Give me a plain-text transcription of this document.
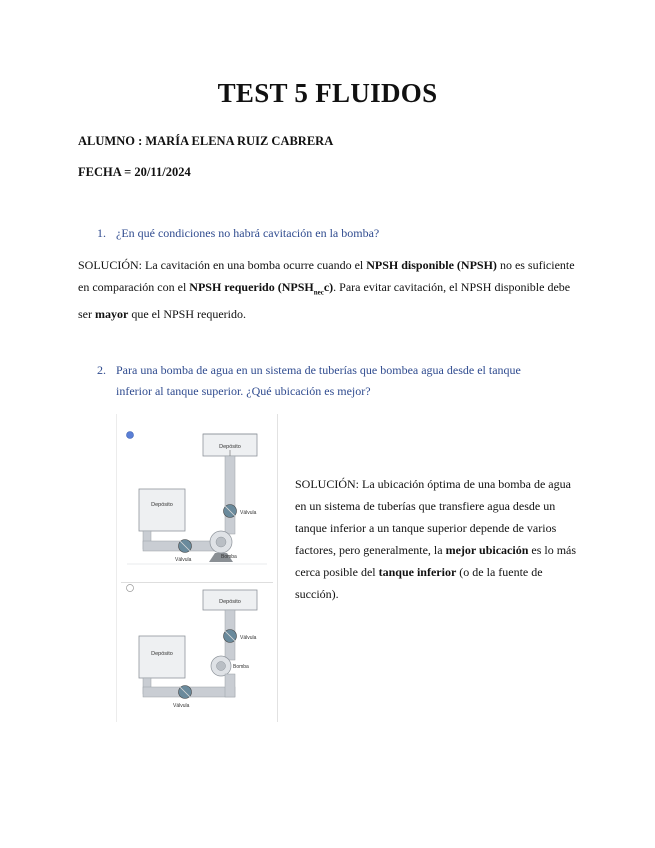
TEST 5 FLUIDOS
ALUMNO : MARÍA ELENA RUIZ CABRERA
FECHA = 20/11/2024
1. ¿En qué condiciones no habrá cavitación en la bomba?
SOLUCIÓN: La cavitación en una bomba ocurre cuando el NPSH disponible (NPSH) no es suficiente en comparación con el NPSH requerido $(NPSH_{nec}c)$. Para evitar cavitación, el NPSH disponible debe ser mayor que el NPSH requerido.
2. Para una bomba de agua en un sistema de tuberías que bombea agua desde el tanque
inferior al tanque superior. ¿Qué ubicación es mejor?
Depósito
Válvula
Depósito
Válvula	Bomba
Depósito
Válvula
Bomba
Depósito
Válvula
SOLUCIÓN: La ubicación óptima de una bomba de agua en un sistema de tuberías que transfiere agua desde un tanque inferior a un tanque superior depende de varios factores, pero generalmente, la mejor ubicación es lo más cerca posible del tanque inferior (o de la fuente de succión).
